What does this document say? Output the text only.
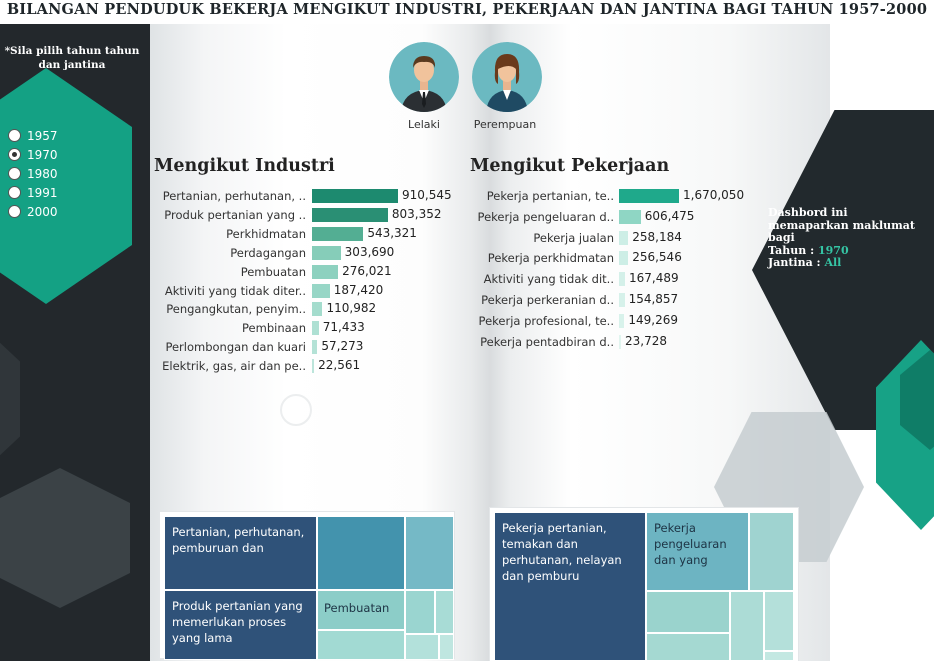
BILANGAN PENDUDUK BEKERJA MENGIKUT INDUSTRI, PEKERJAAN DAN JANTINA BAGI TAHUN 1957-2000
*Sila pilih tahun tahun dan jantina
1957
1970
1980
1991
2000
Lelaki	Perempuan
Mengikut Industri	Mengikut Pekerjaan
Pertanian, perhutanan, ..	910,545
Produk pertanian yang ..	803,352
Perkhidmatan	543,321
Perdagangan	303,690
Pembuatan	276,021
Aktiviti yang tidak diter.. 187,420
Pengangkutan, penyim.. 110,982
Pembinaan 71,433
Perlombongan dan kuari 57,273
Elektrik, gas, air dan pe.. 22,561
Pekerja pertanian, te..	1,670,050
Pekerja pengeluaran d..	606,475
Pekerja jualan 258,184
Pekerja perkhidmatan 256,546
Aktiviti yang tidak dit.. 167,489
Pekerja perkeranian d.. 154,857
Pekerja profesional, te.. 149,269
Pekerja pentadbiran d.. 23,728
Dashbord ini memaparkan maklumat bagi
Tahun : 1970
Jantina : All
Pertanian, perhutanan, pemburuan dan
Produk pertanian yang memerlukan proses yang lama
Pembuatan
Pekerja pertanian, temakan dan perhutanan, nelayan dan pemburu
Pekerja pengeluaran dan yang
